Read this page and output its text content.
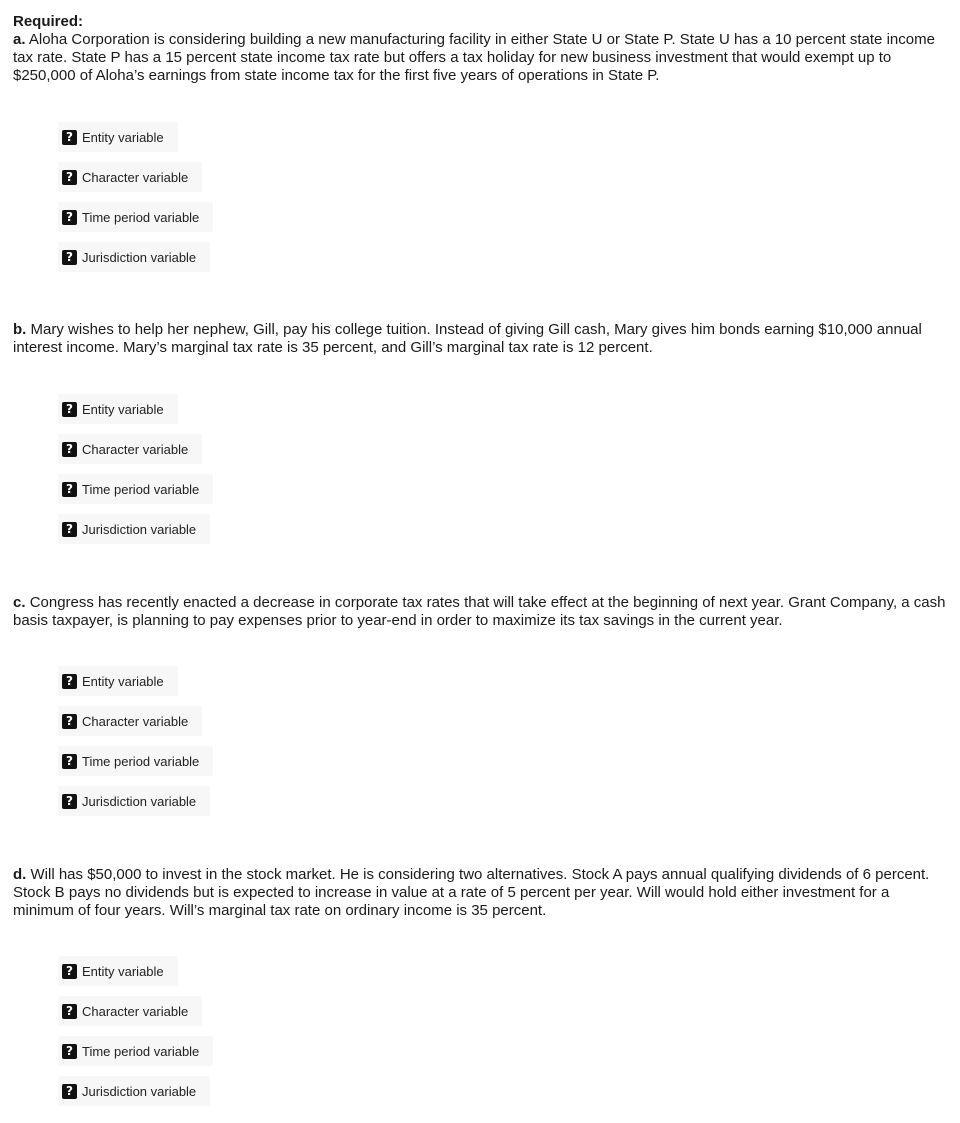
Required:
a. Aloha Corporation is considering building a new manufacturing facility in either State U or State P. State U has a 10 percent state income tax rate. State P has a 15 percent state income tax rate but offers a tax holiday for new business investment that would exempt up to $250,000 of Aloha’s earnings from state income tax for the first five years of operations in State P.
? Entity variable
? Character variable
? Time period variable
? Jurisdiction variable
b. Mary wishes to help her nephew, Gill, pay his college tuition. Instead of giving Gill cash, Mary gives him bonds earning $10,000 annual interest income. Mary’s marginal tax rate is 35 percent, and Gill’s marginal tax rate is 12 percent.
? Entity variable
? Character variable
? Time period variable
? Jurisdiction variable
c. Congress has recently enacted a decrease in corporate tax rates that will take effect at the beginning of next year. Grant Company, a cash basis taxpayer, is planning to pay expenses prior to year-end in order to maximize its tax savings in the current year.
? Entity variable
? Character variable
? Time period variable
? Jurisdiction variable
d. Will has $50,000 to invest in the stock market. He is considering two alternatives. Stock A pays annual qualifying dividends of 6 percent. Stock B pays no dividends but is expected to increase in value at a rate of 5 percent per year. Will would hold either investment for a minimum of four years. Will’s marginal tax rate on ordinary income is 35 percent.
? Entity variable
? Character variable
? Time period variable
? Jurisdiction variable
